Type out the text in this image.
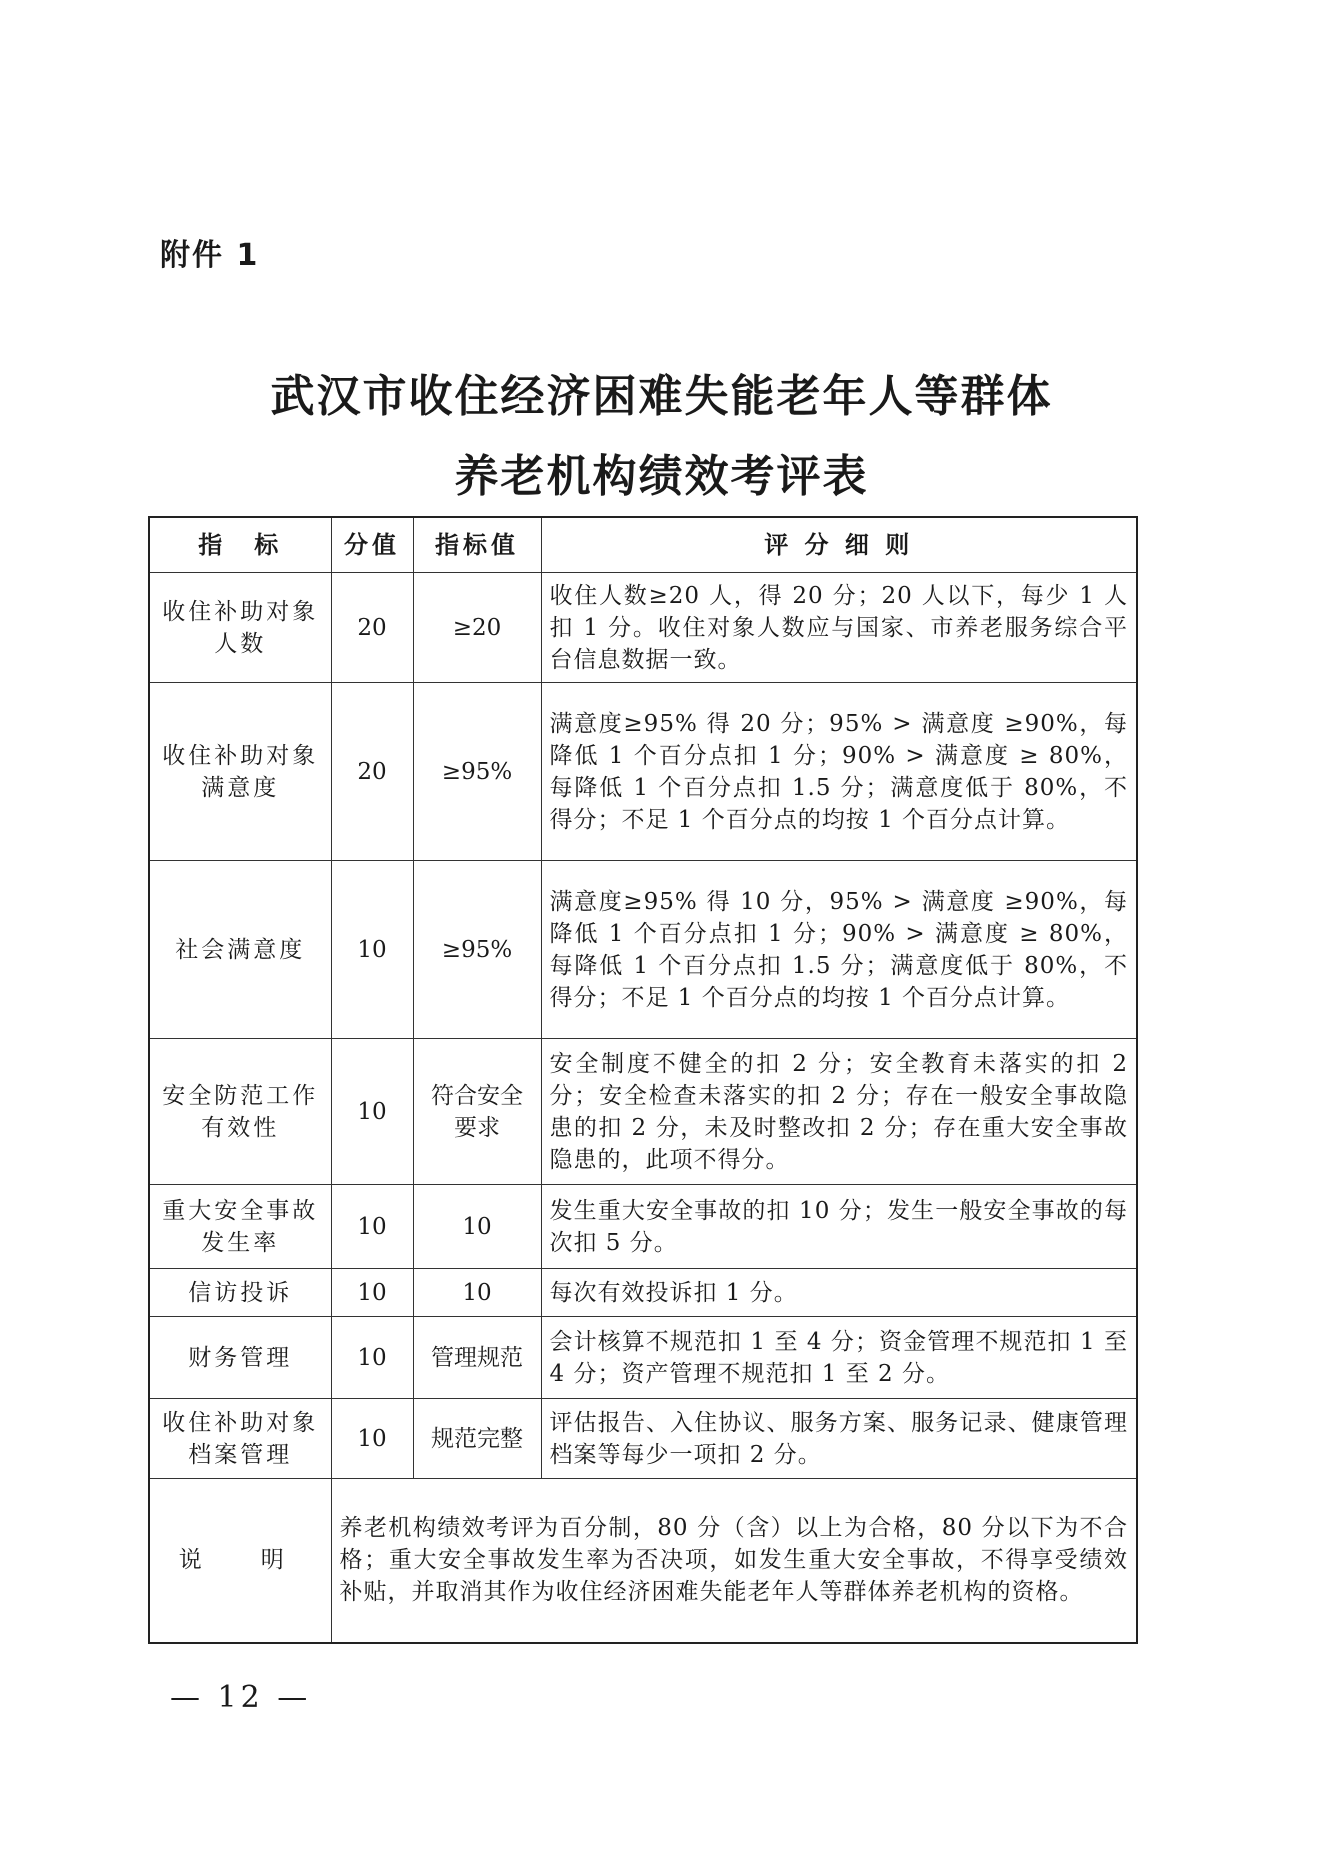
附件 1
武汉市收住经济困难失能老年人等群体
养老机构绩效考评表
指　标	分值	指标值	评 分 细 则
收住补助对象人数	20	≥20	收住人数≥20 人，得 20 分；20 人以下，每少 1 人扣 1 分。收住对象人数应与国家、市养老服务综合平台信息数据一致。
收住补助对象满意度	20	≥95%	满意度≥95% 得 20 分；95% > 满意度 ≥90%，每降低 1 个百分点扣 1 分；90% > 满意度 ≥ 80%，每降低 1 个百分点扣 1.5 分；满意度低于 80%，不得分；不足 1 个百分点的均按 1 个百分点计算。
社会满意度	10	≥95%	满意度≥95% 得 10 分，95% > 满意度 ≥90%，每降低 1 个百分点扣 1 分；90% > 满意度 ≥ 80%，每降低 1 个百分点扣 1.5 分；满意度低于 80%，不得分；不足 1 个百分点的均按 1 个百分点计算。
安全防范工作有效性	10	符合安全要求	安全制度不健全的扣 2 分；安全教育未落实的扣 2 分；安全检查未落实的扣 2 分；存在一般安全事故隐患的扣 2 分，未及时整改扣 2 分；存在重大安全事故隐患的，此项不得分。
重大安全事故发生率	10	10	发生重大安全事故的扣 10 分；发生一般安全事故的每次扣 5 分。
信访投诉	10	10	每次有效投诉扣 1 分。
财务管理	10	管理规范	会计核算不规范扣 1 至 4 分；资金管理不规范扣 1 至 4 分；资产管理不规范扣 1 至 2 分。
收住补助对象档案管理	10	规范完整	评估报告、入住协议、服务方案、服务记录、健康管理档案等每少一项扣 2 分。
说　明	养老机构绩效考评为百分制，80 分（含）以上为合格，80 分以下为不合格；重大安全事故发生率为否决项，如发生重大安全事故，不得享受绩效补贴，并取消其作为收住经济困难失能老年人等群体养老机构的资格。		
— 12 —
